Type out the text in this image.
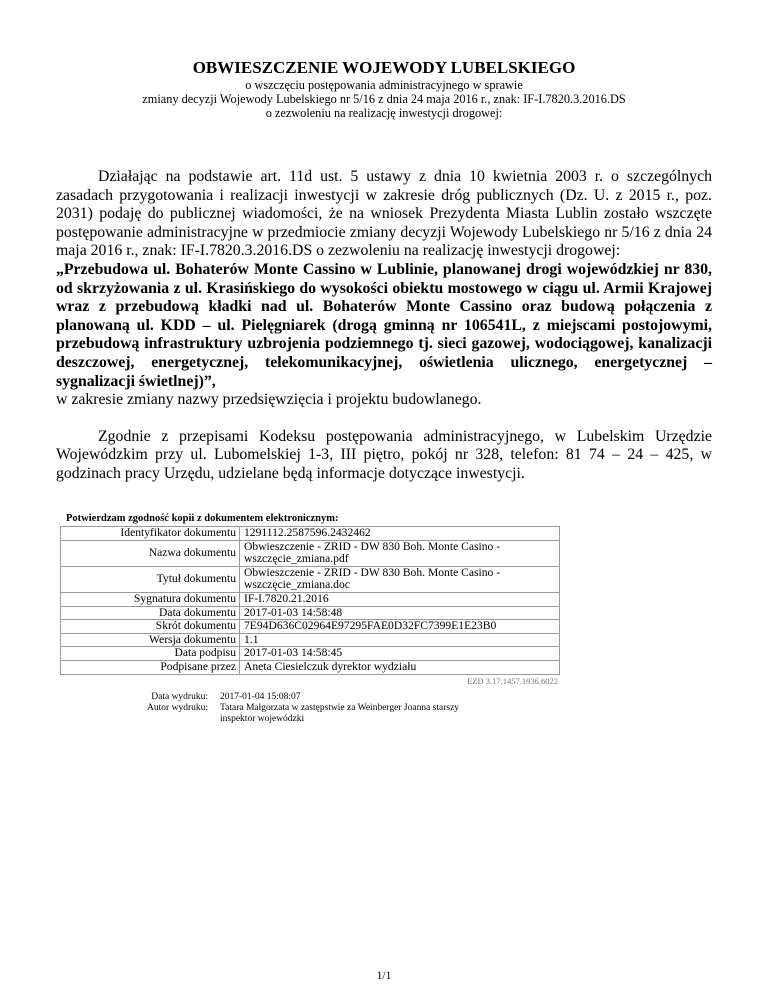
OBWIESZCZENIE WOJEWODY LUBELSKIEGO
o wszczęciu postępowania administracyjnego w sprawie
zmiany decyzji Wojewody Lubelskiego nr 5/16 z dnia 24 maja 2016 r., znak: IF-I.7820.3.2016.DS
o zezwoleniu na realizację inwestycji drogowej:

Działając na podstawie art. 11d ust. 5 ustawy z dnia 10 kwietnia 2003 r. o szczególnych zasadach przygotowania i realizacji inwestycji w zakresie dróg publicznych (Dz. U. z 2015 r., poz. 2031) podaję do publicznej wiadomości, że na wniosek Prezydenta Miasta Lublin zostało wszczęte postępowanie administracyjne w przedmiocie zmiany decyzji Wojewody Lubelskiego nr 5/16 z dnia 24 maja 2016 r., znak: IF-I.7820.3.2016.DS o zezwoleniu na realizację inwestycji drogowej:
„Przebudowa ul. Bohaterów Monte Cassino w Lublinie, planowanej drogi wojewódzkiej nr 830, od skrzyżowania z ul. Krasińskiego do wysokości obiektu mostowego w ciągu ul. Armii Krajowej wraz z przebudową kładki nad ul. Bohaterów Monte Cassino oraz budową połączenia z planowaną ul. KDD – ul. Pielęgniarek (drogą gminną nr 106541L, z miejscami postojowymi, przebudową infrastruktury uzbrojenia podziemnego tj. sieci gazowej, wodociągowej, kanalizacji deszczowej, energetycznej, telekomunikacyjnej, oświetlenia ulicznego, energetycznej – sygnalizacji świetlnej)”,
w zakresie zmiany nazwy przedsięwzięcia i projektu budowlanego.

Zgodnie z przepisami Kodeksu postępowania administracyjnego, w Lubelskim Urzędzie Wojewódzkim przy ul. Lubomelskiej 1-3, III piętro, pokój nr 328, telefon: 81 74 – 24 – 425, w godzinach pracy Urzędu, udzielane będą informacje dotyczące inwestycji.

Potwierdzam zgodność kopii z dokumentem elektronicznym:
Identyfikator dokumentu	1291112.2587596.2432462
Nazwa dokumentu	Obwieszczenie - ZRID - DW 830 Boh. Monte Casino - wszczęcie_zmiana.pdf
Tytuł dokumentu	Obwieszczenie - ZRID - DW 830 Boh. Monte Casino - wszczęcie_zmiana.doc
Sygnatura dokumentu	IF-I.7820.21.2016
Data dokumentu	2017-01-03 14:58:48
Skrót dokumentu	7E94D636C02964E97295FAE0D32FC7399E1E23B0
Wersja dokumentu	1.1
Data podpisu	2017-01-03 14:58:45
Podpisane przez	Aneta Ciesielczuk dyrektor wydziału
EZD 3.17.1457.1936.6022
Data wydruku:	2017-01-04 15:08:07
Autor wydruku:	Tatara Małgorzata w zastępstwie za Weinberger Joanna starszy inspektor wojewódzki
1/1
